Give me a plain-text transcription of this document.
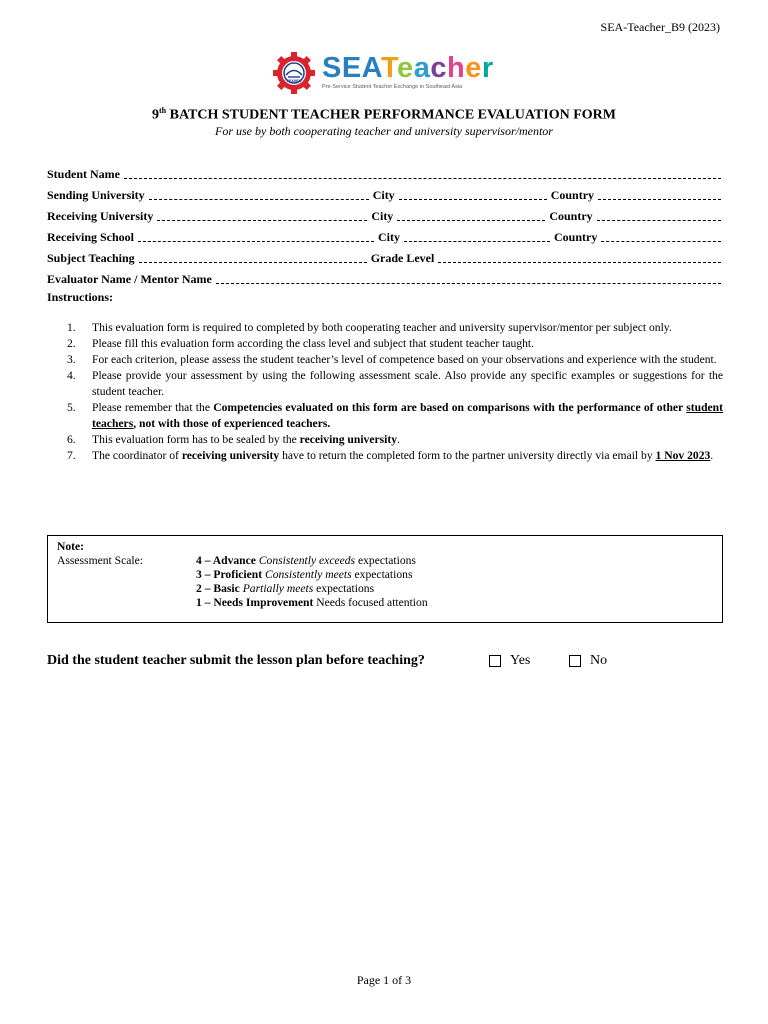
SEA-Teacher_B9 (2023)
SEAMEO SEATeacher
Pre-Service Student Teacher Exchange in Southeast Asia
9th BATCH STUDENT TEACHER PERFORMANCE EVALUATION FORM
For use by both cooperating teacher and university supervisor/mentor
Student Name
Sending University	City	Country
Receiving University	City	Country
Receiving School	City	Country
Subject Teaching	Grade Level
Evaluator Name / Mentor Name
Instructions:
1.	This evaluation form is required to completed by both cooperating teacher and university supervisor/mentor per subject only.
2.	Please fill this evaluation form according the class level and subject that student teacher taught.
3.	For each criterion, please assess the student teacher’s level of competence based on your observations and experience with the student.
4.	Please provide your assessment by using the following assessment scale. Also provide any specific examples or suggestions for the student teacher.
5.	Please remember that the Competencies evaluated on this form are based on comparisons with the performance of other student teachers, not with those of experienced teachers.
6.	This evaluation form has to be sealed by the receiving university.
7.	The coordinator of receiving university have to return the completed form to the partner university directly via email by 1 Nov 2023.
Note:
Assessment Scale:	4 – Advance Consistently exceeds expectations
3 – Proficient Consistently meets expectations
2 – Basic Partially meets expectations
1 – Needs Improvement Needs focused attention
Did the student teacher submit the lesson plan before teaching?	Yes	No
Page 1 of 3
